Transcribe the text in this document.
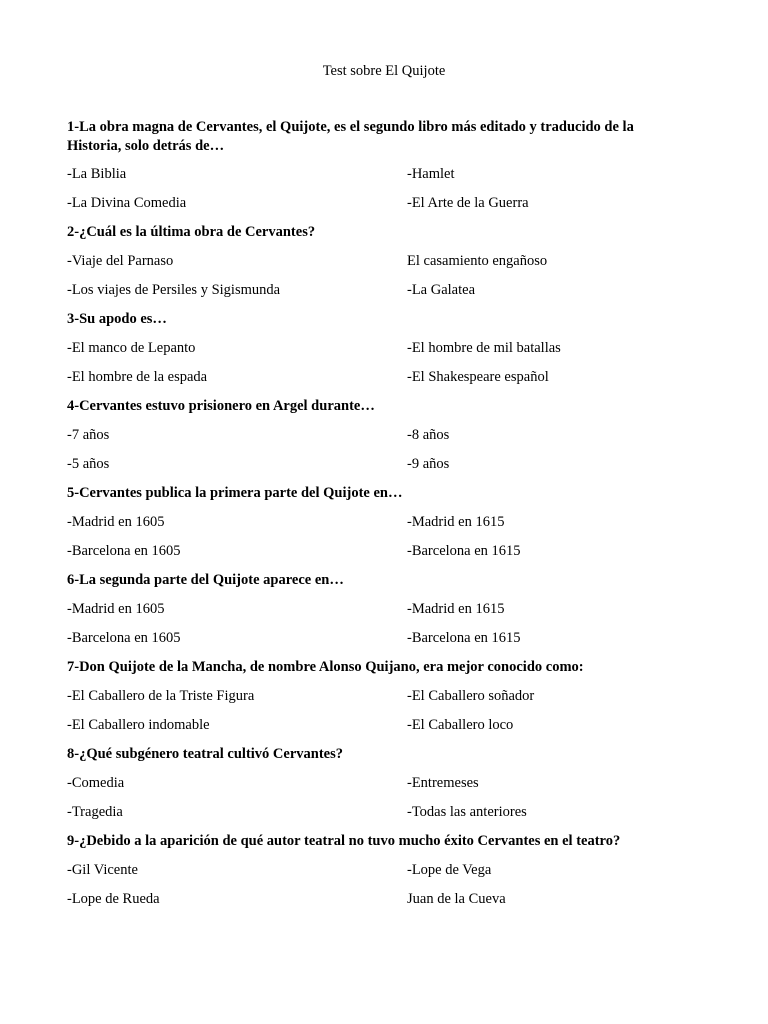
Test sobre El Quijote

1-La obra magna de Cervantes, el Quijote, es el segundo libro más editado y traducido de la Historia, solo detrás de…

-La Biblia	-Hamlet
-La Divina Comedia	-El Arte de la Guerra
2-¿Cuál es la última obra de Cervantes?
-Viaje del Parnaso	El casamiento engañoso
-Los viajes de Persiles y Sigismunda	-La Galatea
3-Su apodo es…
-El manco de Lepanto	-El hombre de mil batallas
-El hombre de la espada	-El Shakespeare español
4-Cervantes estuvo prisionero en Argel durante…
-7 años	-8 años
-5 años	-9 años
5-Cervantes publica la primera parte del Quijote en…
-Madrid en 1605	-Madrid en 1615
-Barcelona en 1605	-Barcelona en 1615
6-La segunda parte del Quijote aparece en…
-Madrid en 1605	-Madrid en 1615
-Barcelona en 1605	-Barcelona en 1615
7-Don Quijote de la Mancha, de nombre Alonso Quijano, era mejor conocido como:
-El Caballero de la Triste Figura	-El Caballero soñador
-El Caballero indomable	-El Caballero loco
8-¿Qué subgénero teatral cultivó Cervantes?
-Comedia	-Entremeses
-Tragedia	-Todas las anteriores
9-¿Debido a la aparición de qué autor teatral no tuvo mucho éxito Cervantes en el teatro?
-Gil Vicente	-Lope de Vega
-Lope de Rueda	Juan de la Cueva
